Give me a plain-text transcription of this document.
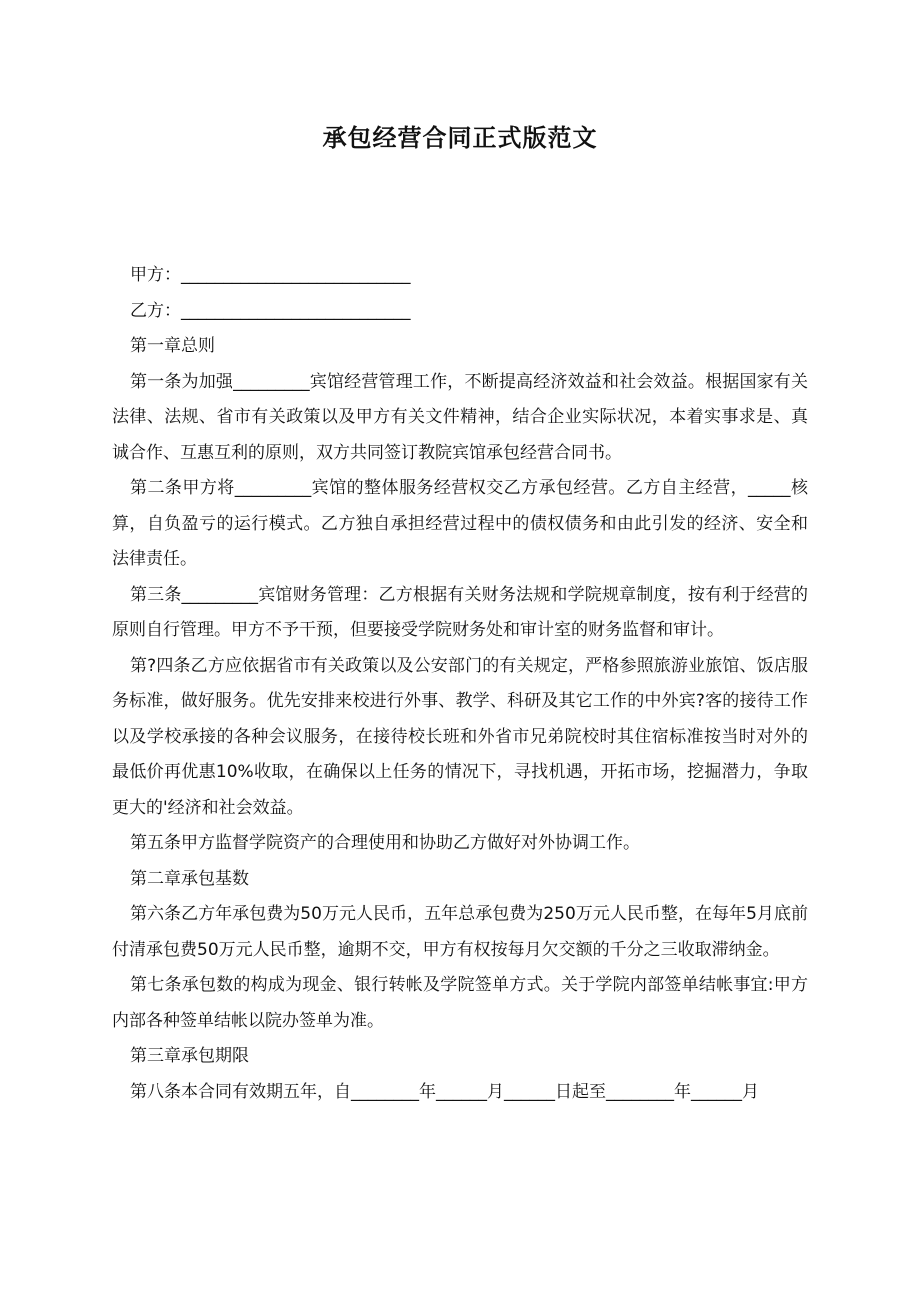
承包经营合同正式版范文

甲方：___________________________

乙方：___________________________

第一章总则

第一条为加强_________宾馆经营管理工作，不断提高经济效益和社会效益。根据国家有关法律、法规、省市有关政策以及甲方有关文件精神，结合企业实际状况，本着实事求是、真诚合作、互惠互利的原则，双方共同签订教院宾馆承包经营合同书。

第二条甲方将_________宾馆的整体服务经营权交乙方承包经营。乙方自主经营，_____核算，自负盈亏的运行模式。乙方独自承担经营过程中的债权债务和由此引发的经济、安全和法律责任。

第三条_________宾馆财务管理：乙方根据有关财务法规和学院规章制度，按有利于经营的原则自行管理。甲方不予干预，但要接受学院财务处和审计室的财务监督和审计。

第?四条乙方应依据省市有关政策以及公安部门的有关规定，严格参照旅游业旅馆、饭店服务标准，做好服务。优先安排来校进行外事、教学、科研及其它工作的中外宾?客的接待工作以及学校承接的各种会议服务，在接待校长班和外省市兄弟院校时其住宿标准按当时对外的最低价再优惠10%收取，在确保以上任务的情况下，寻找机遇，开拓市场，挖掘潜力，争取更大的'经济和社会效益。

第五条甲方监督学院资产的合理使用和协助乙方做好对外协调工作。

第二章承包基数

第六条乙方年承包费为50万元人民币，五年总承包费为250万元人民币整，在每年5月底前付清承包费50万元人民币整，逾期不交，甲方有权按每月欠交额的千分之三收取滞纳金。

第七条承包数的构成为现金、银行转帐及学院签单方式。关于学院内部签单结帐事宜:甲方内部各种签单结帐以院办签单为准。

第三章承包期限

第八条本合同有效期五年，自________年______月______日起至________年______月
